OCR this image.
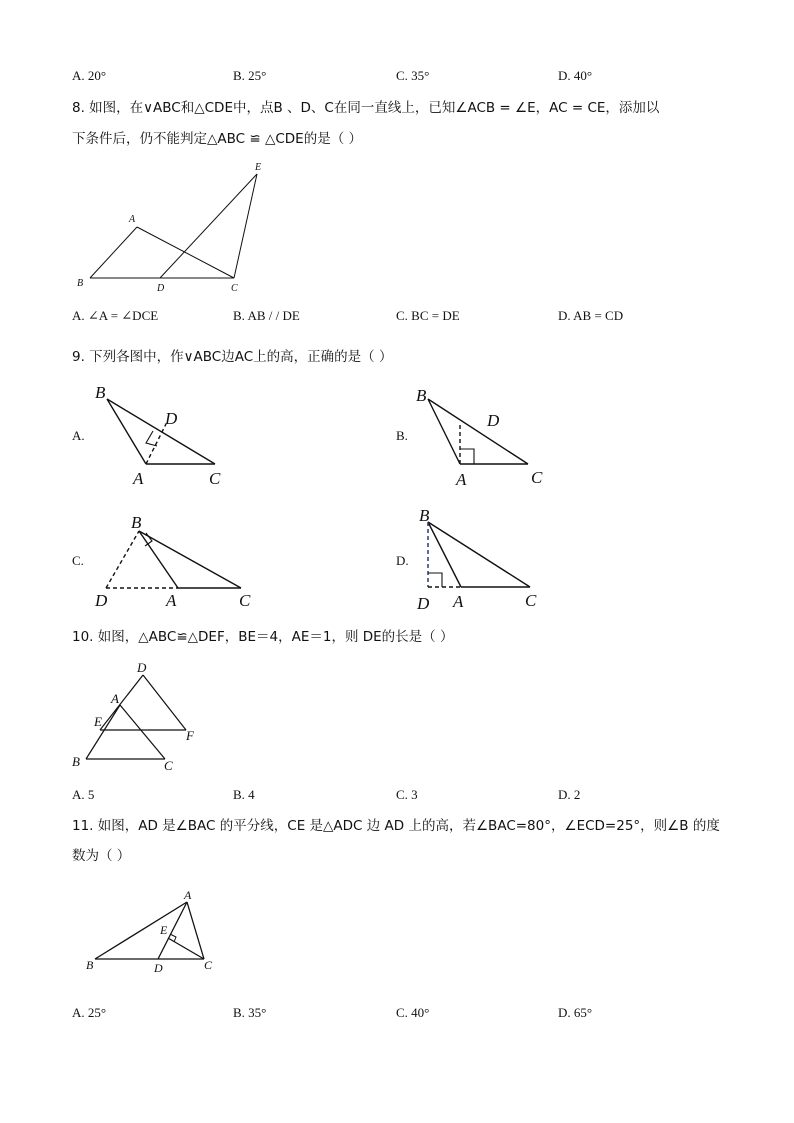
A. 20°	B. 25°	C. 35°	D. 40°
8. 如图，在∨ABC和△CDE中，点B 、D、C在同一直线上，已知∠ACB = ∠E，AC = CE，添加以
下条件后，仍不能判定△ABC ≌ △CDE的是（ ）
A
B	D	C
E
A. ∠A = ∠DCE	B. AB / / DE	C. BC = DE	D. AB = CD
9. 下列各图中，作∨ABC边AC上的高，正确的是（ ）
A.	B.
C.	D.
B
D
A	C
B
D
A	C
B
D	A	C
B
D A	C
10. 如图，△ABC≌△DEF，BE＝4，AE＝1，则 DE的长是（ ）
D
A
E
F
B	C
A. 5	B. 4	C. 3	D. 2
11. 如图，AD 是∠BAC 的平分线，CE 是△ADC 边 AD 上的高，若∠BAC=80°，∠ECD=25°，则∠B 的度
数为（ ）
A
E
B	D	C
A. 25°	B. 35°	C. 40°	D. 65°
